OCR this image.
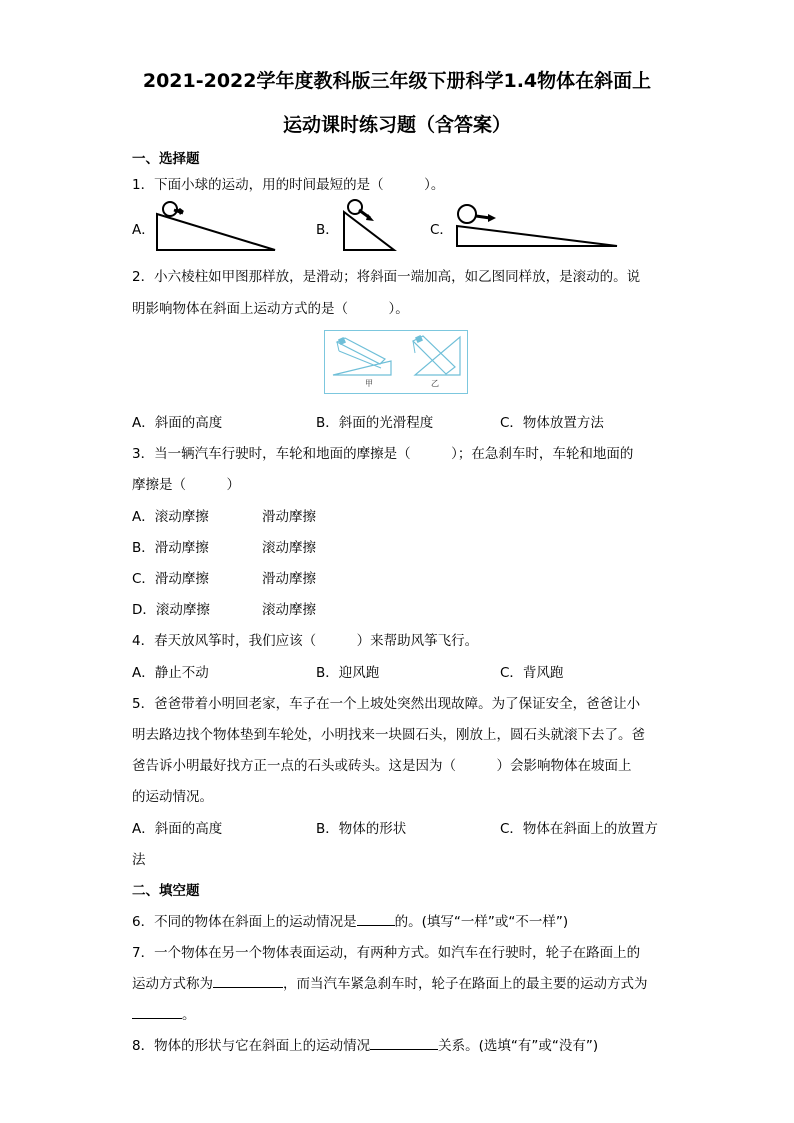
2021-2022学年度教科版三年级下册科学1.4物体在斜面上
运动课时练习题（含答案）
一、选择题
1．下面小球的运动，用的时间最短的是（　　　）。
A．	B．	C．
2．小六棱柱如甲图那样放，是滑动；将斜面一端加高，如乙图同样放，是滚动的。说
明影响物体在斜面上运动方式的是（　　　）。
甲	乙
A．斜面的高度	B．斜面的光滑程度	C．物体放置方法
3．当一辆汽车行驶时，车轮和地面的摩擦是（　　　）；在急刹车时，车轮和地面的
摩擦是（　　　）
A．滚动摩擦	滑动摩擦
B．滑动摩擦	滚动摩擦
C．滑动摩擦	滑动摩擦
D．滚动摩擦	滚动摩擦
4．春天放风筝时，我们应该（　　　）来帮助风筝飞行。
A．静止不动	B．迎风跑	C．背风跑
5．爸爸带着小明回老家，车子在一个上坡处突然出现故障。为了保证安全，爸爸让小
明去路边找个物体垫到车轮处，小明找来一块圆石头，刚放上，圆石头就滚下去了。爸
爸告诉小明最好找方正一点的石头或砖头。这是因为（　　　）会影响物体在坡面上
的运动情况。
A．斜面的高度	B．物体的形状	C．物体在斜面上的放置方
法
二、填空题
6．不同的物体在斜面上的运动情况是	的。(填写“一样”或“不一样”)
7．一个物体在另一个物体表面运动，有两种方式。如汽车在行驶时，轮子在路面上的
运动方式称为	，而当汽车紧急刹车时，轮子在路面上的最主要的运动方式为
。
8．物体的形状与它在斜面上的运动情况	关系。(选填“有”或“没有”)
